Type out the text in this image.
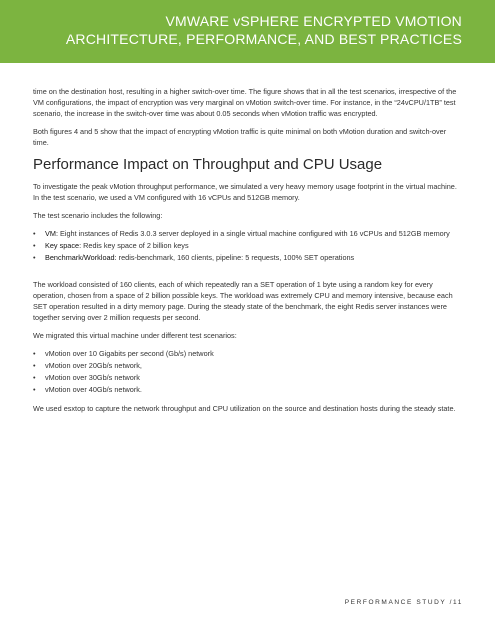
VMWARE vSPHERE ENCRYPTED VMOTION
ARCHITECTURE, PERFORMANCE, AND BEST PRACTICES

time on the destination host, resulting in a higher switch-over time. The figure shows that in all the test scenarios, irrespective of the VM configurations, the impact of encryption was very marginal on vMotion switch-over time. For instance, in the “24vCPU/1TB” test scenario, the increase in the switch-over time was about 0.05 seconds when vMotion traffic was encrypted.

Both figures 4 and 5 show that the impact of encrypting vMotion traffic is quite minimal on both vMotion duration and switch-over time.

Performance Impact on Throughput and CPU Usage

To investigate the peak vMotion throughput performance, we simulated a very heavy memory usage footprint in the virtual machine. In the test scenario, we used a VM configured with 16 vCPUs and 512GB memory.

The test scenario includes the following:

• VM: Eight instances of Redis 3.0.3 server deployed in a single virtual machine configured with 16 vCPUs and 512GB memory
• Key space: Redis key space of 2 billion keys
• Benchmark/Workload: redis-benchmark, 160 clients, pipeline: 5 requests, 100% SET operations

The workload consisted of 160 clients, each of which repeatedly ran a SET operation of 1 byte using a random key for every operation, chosen from a space of 2 billion possible keys. The workload was extremely CPU and memory intensive, because each SET operation resulted in a dirty memory page. During the steady state of the benchmark, the eight Redis server instances were together serving over 2 million requests per second.

We migrated this virtual machine under different test scenarios:

• vMotion over 10 Gigabits per second (Gb/s) network
• vMotion over 20Gb/s network,
• vMotion over 30Gb/s network
• vMotion over 40Gb/s network.

We used esxtop to capture the network throughput and CPU utilization on the source and destination hosts during the steady state.

PERFORMANCE STUDY /11
